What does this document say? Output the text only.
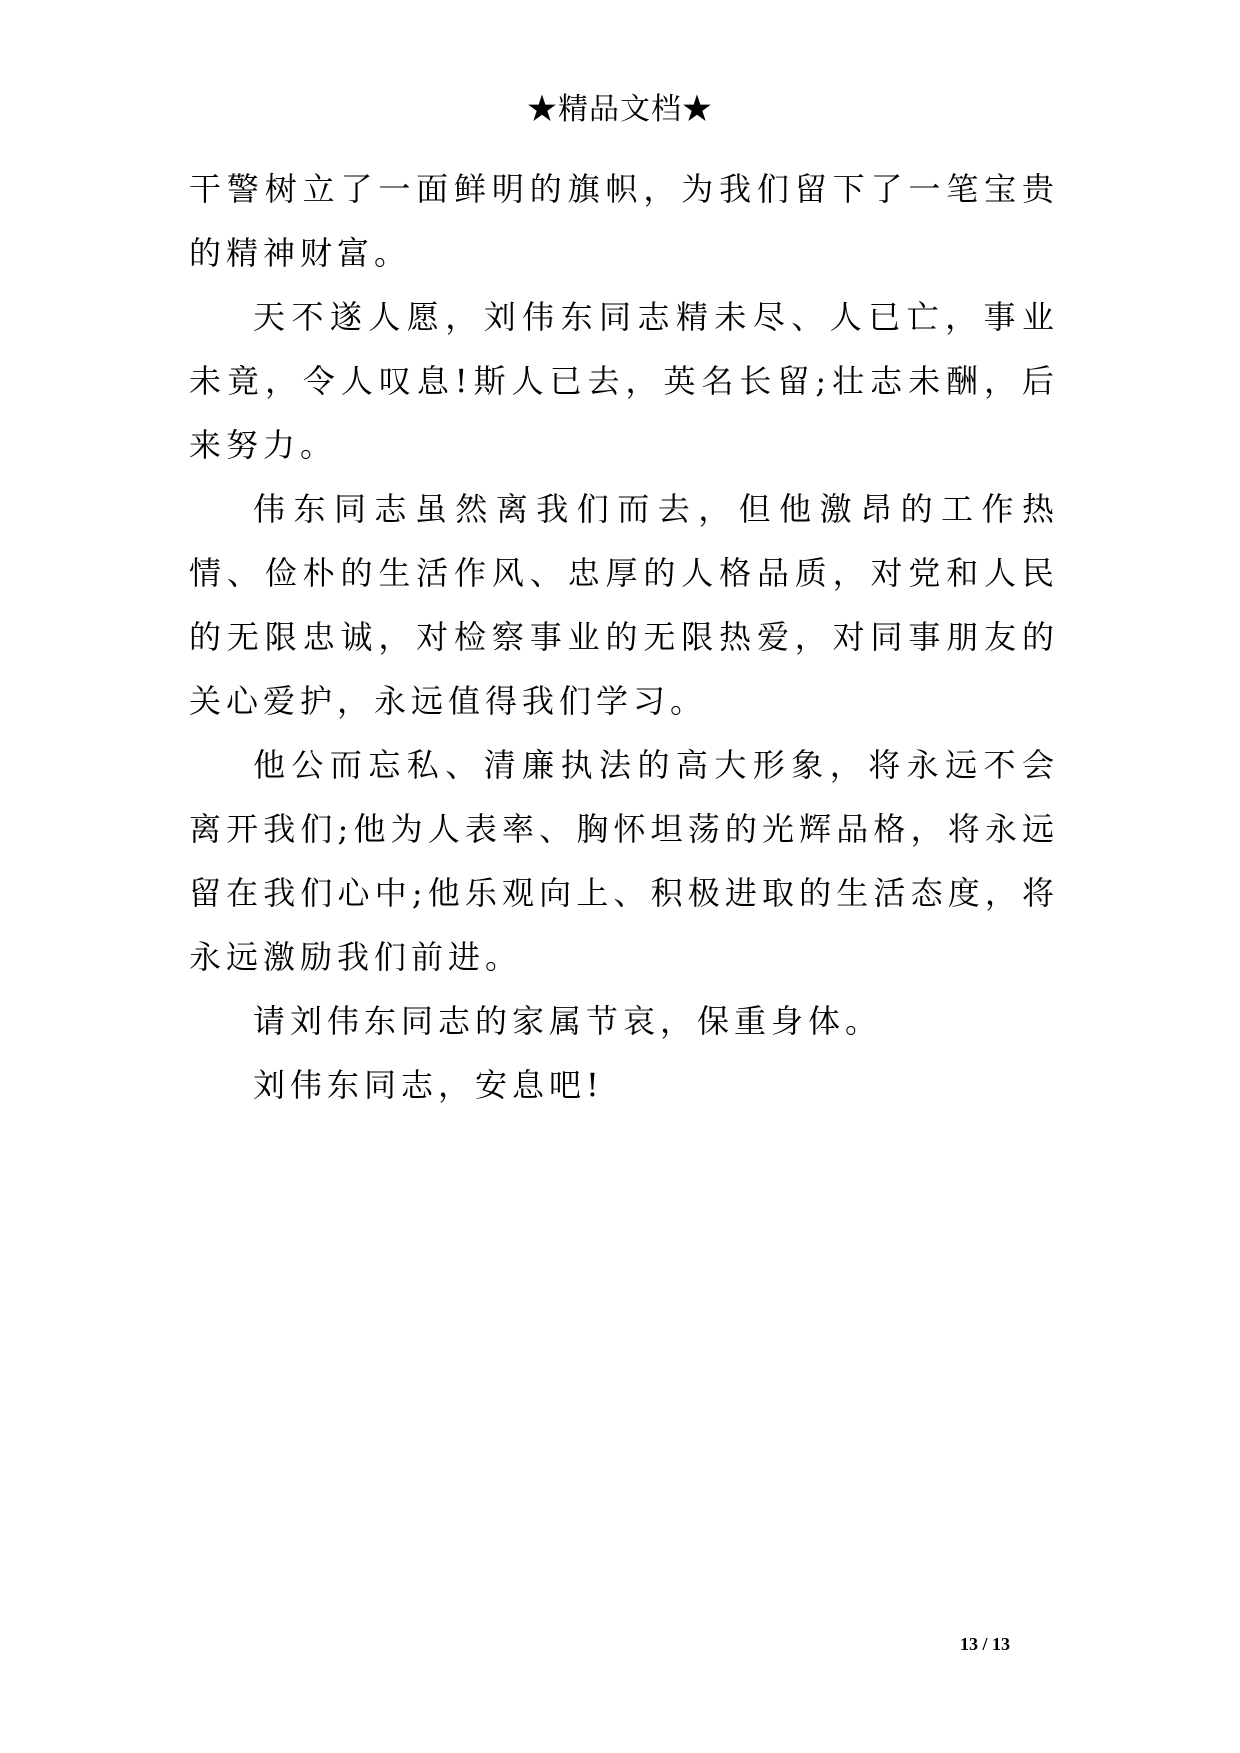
★精品文档★

干警树立了一面鲜明的旗帜，为我们留下了一笔宝贵的精神财富。

天不遂人愿，刘伟东同志精未尽、人已亡，事业未竟，令人叹息!斯人已去，英名长留;壮志未酬，后来努力。

伟东同志虽然离我们而去，但他激昂的工作热情、俭朴的生活作风、忠厚的人格品质，对党和人民的无限忠诚，对检察事业的无限热爱，对同事朋友的关心爱护，永远值得我们学习。

他公而忘私、清廉执法的高大形象，将永远不会离开我们;他为人表率、胸怀坦荡的光辉品格，将永远留在我们心中;他乐观向上、积极进取的生活态度，将永远激励我们前进。

请刘伟东同志的家属节哀，保重身体。

刘伟东同志，安息吧!

13 / 13
